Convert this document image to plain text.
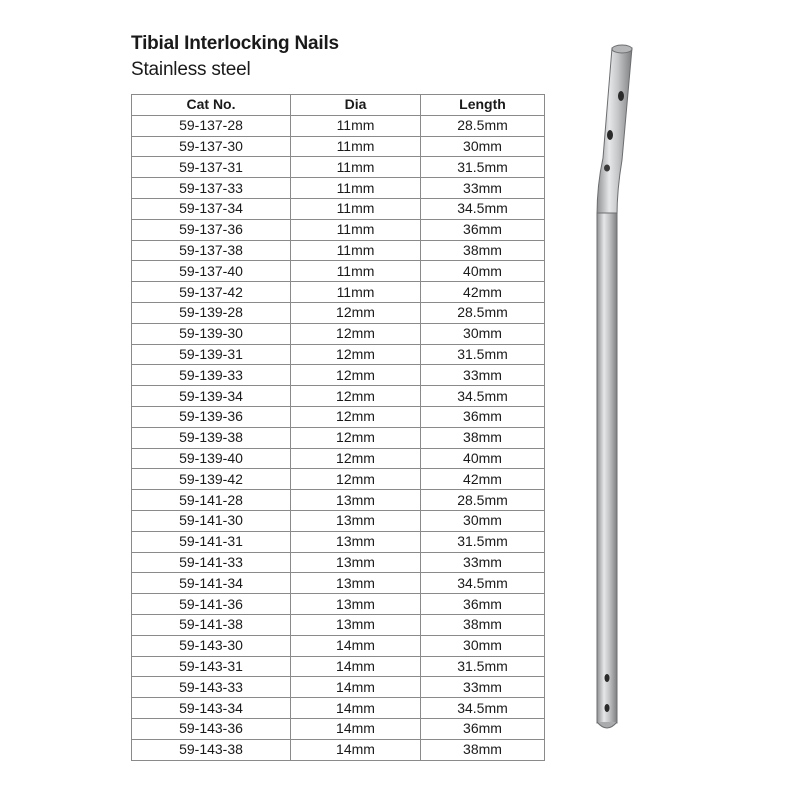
Tibial Interlocking Nails
Stainless steel
Cat No.	Dia	Length
59-137-28	11mm	28.5mm
59-137-30	11mm	30mm
59-137-31	11mm	31.5mm
59-137-33	11mm	33mm
59-137-34	11mm	34.5mm
59-137-36	11mm	36mm
59-137-38	11mm	38mm
59-137-40	11mm	40mm
59-137-42	11mm	42mm
59-139-28	12mm	28.5mm
59-139-30	12mm	30mm
59-139-31	12mm	31.5mm
59-139-33	12mm	33mm
59-139-34	12mm	34.5mm
59-139-36	12mm	36mm
59-139-38	12mm	38mm
59-139-40	12mm	40mm
59-139-42	12mm	42mm
59-141-28	13mm	28.5mm
59-141-30	13mm	30mm
59-141-31	13mm	31.5mm
59-141-33	13mm	33mm
59-141-34	13mm	34.5mm
59-141-36	13mm	36mm
59-141-38	13mm	38mm
59-143-30	14mm	30mm
59-143-31	14mm	31.5mm
59-143-33	14mm	33mm
59-143-34	14mm	34.5mm
59-143-36	14mm	36mm
59-143-38	14mm	38mm
